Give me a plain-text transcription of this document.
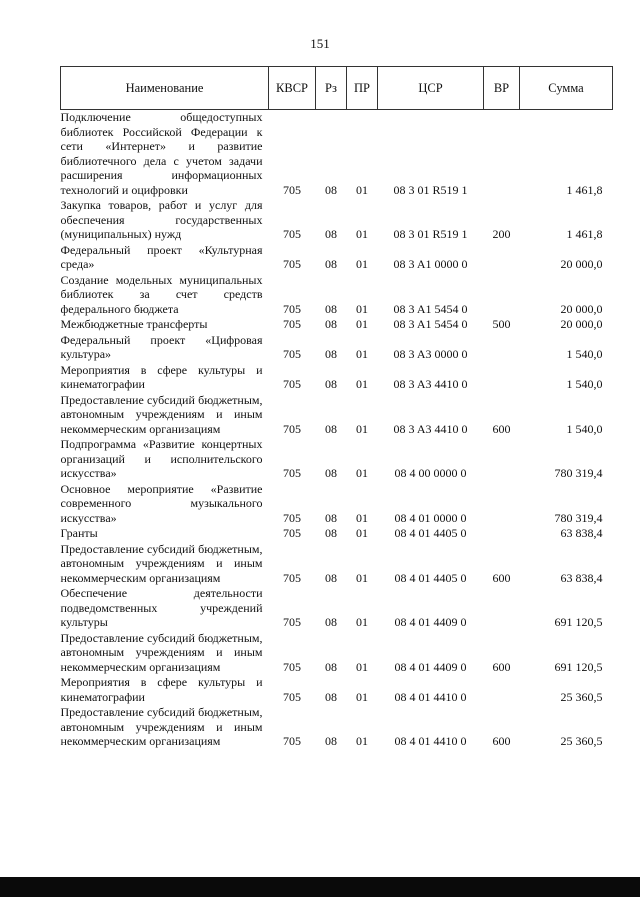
151
Наименование	КВСР	Рз	ПР	ЦСР	ВР	Сумма
Подключение общедоступных библиотек Российской Федерации к сети «Интернет» и развитие библиотечного дела с учетом задачи расширения информационных технологий и оцифровки	705	08	01	08 3 01 R519 1		1 461,8
Закупка товаров, работ и услуг для обеспечения государственных (муниципальных) нужд	705	08	01	08 3 01 R519 1	200	1 461,8
Федеральный проект «Культурная среда»	705	08	01	08 3 A1 0000 0		20 000,0
Создание модельных муниципальных библиотек за счет средств федерального бюджета	705	08	01	08 3 A1 5454 0		20 000,0
Межбюджетные трансферты	705	08	01	08 3 A1 5454 0	500	20 000,0
Федеральный проект «Цифровая культура»	705	08	01	08 3 A3 0000 0		1 540,0
Мероприятия в сфере культуры и кинематографии	705	08	01	08 3 A3 4410 0		1 540,0
Предоставление субсидий бюджетным, автономным учреждениям и иным некоммерческим организациям	705	08	01	08 3 A3 4410 0	600	1 540,0
Подпрограмма «Развитие концертных организаций и исполнительского искусства»	705	08	01	08 4 00 0000 0		780 319,4
Основное мероприятие «Развитие современного музыкального искусства»	705	08	01	08 4 01 0000 0		780 319,4
Гранты	705	08	01	08 4 01 4405 0		63 838,4
Предоставление субсидий бюджетным, автономным учреждениям и иным некоммерческим организациям	705	08	01	08 4 01 4405 0	600	63 838,4
Обеспечение деятельности подведомственных учреждений культуры	705	08	01	08 4 01 4409 0		691 120,5
Предоставление субсидий бюджетным, автономным учреждениям и иным некоммерческим организациям	705	08	01	08 4 01 4409 0	600	691 120,5
Мероприятия в сфере культуры и кинематографии	705	08	01	08 4 01 4410 0		25 360,5
Предоставление субсидий бюджетным, автономным учреждениям и иным некоммерческим организациям	705	08	01	08 4 01 4410 0	600	25 360,5
